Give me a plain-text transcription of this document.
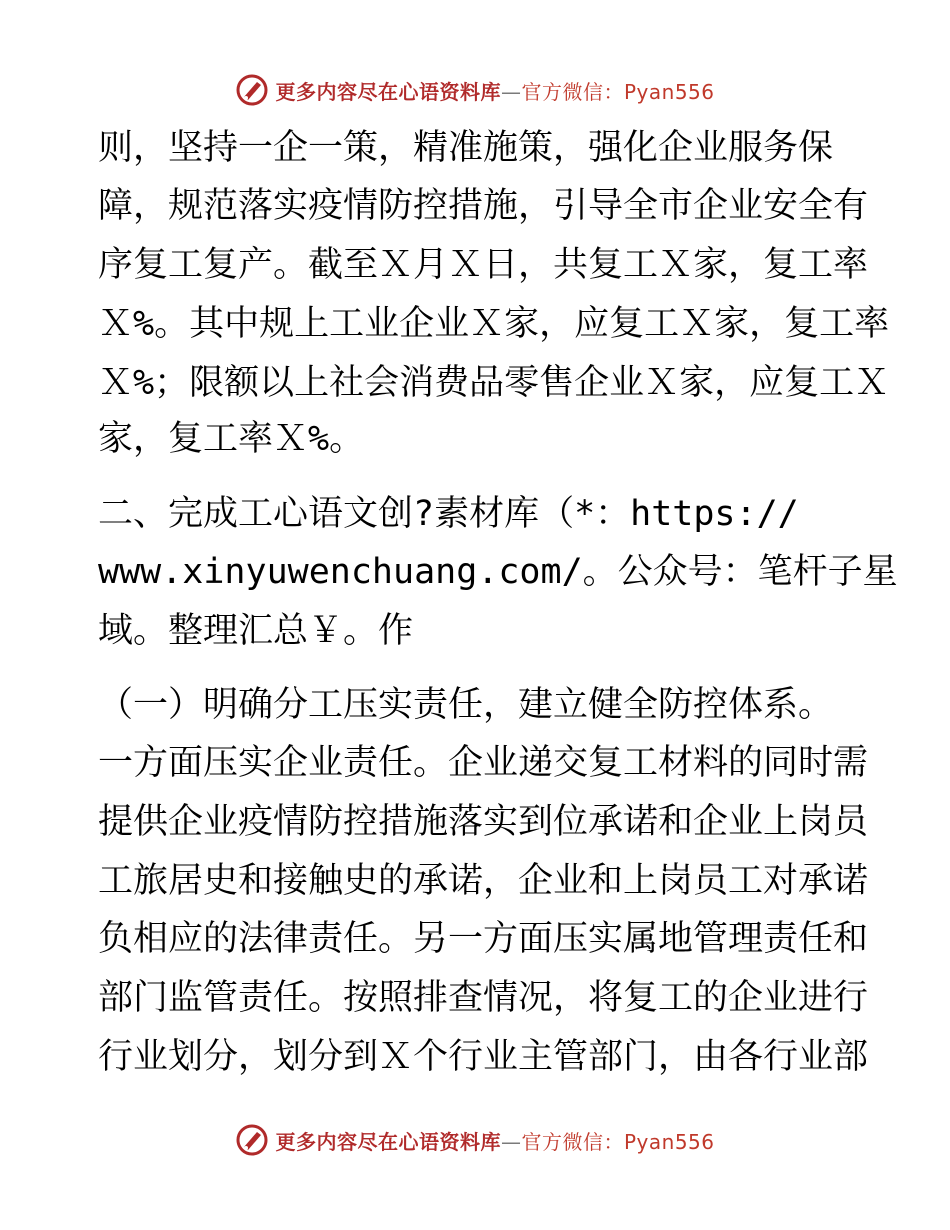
更多内容尽在心语资料库—官方微信：Pyan556
则，坚持一企一策，精准施策，强化企业服务保
障，规范落实疫情防控措施，引导全市企业安全有
序复工复产。截至Ｘ月Ｘ日，共复工Ｘ家，复工率
Ｘ%。其中规上工业企业Ｘ家，应复工Ｘ家，复工率
Ｘ%；限额以上社会消费品零售企业Ｘ家，应复工Ｘ
家，复工率Ｘ%。
二、完成工心语文创?素材库（*：https://
www.xinyuwenchuang.com/。公众号：笔杆子星
域。整理汇总￥。作
（一）明确分工压实责任，建立健全防控体系。
一方面压实企业责任。企业递交复工材料的同时需
提供企业疫情防控措施落实到位承诺和企业上岗员
工旅居史和接触史的承诺，企业和上岗员工对承诺
负相应的法律责任。另一方面压实属地管理责任和
部门监管责任。按照排查情况，将复工的企业进行
行业划分，划分到Ｘ个行业主管部门，由各行业部
更多内容尽在心语资料库—官方微信：Pyan556
